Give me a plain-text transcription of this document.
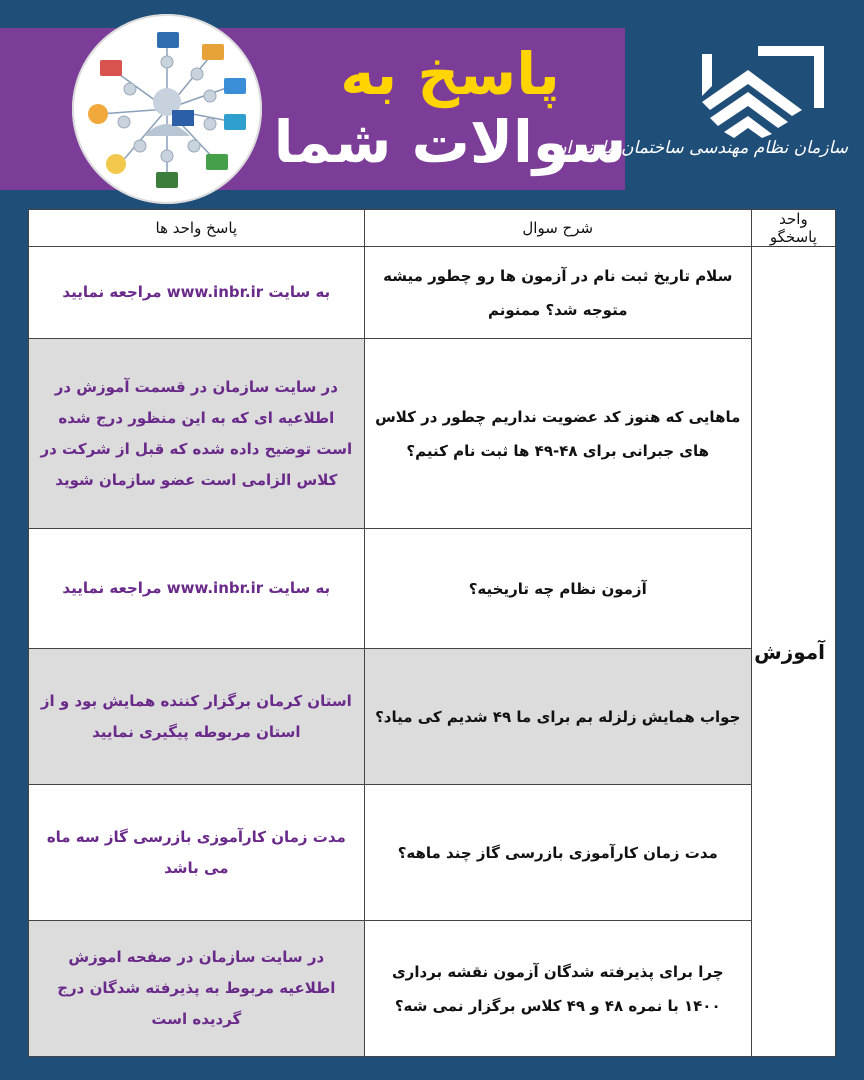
پاسخ به
سوالات شما
سازمان نظام مهندسی ساختمان مازندران
واحد پاسخگو	شرح سوال	پاسخ واحد ها
آموزش	سلام تاریخ ثبت نام در آزمون ها رو چطور میشه متوجه شد؟ ممنونم	به سایت www.inbr.ir مراجعه نمایید
	ماهایی که هنوز کد عضویت نداریم چطور در کلاس های جبرانی برای ۴۸-۴۹ ها ثبت نام کنیم؟	در سایت سازمان در قسمت آموزش در اطلاعیه ای که به این منظور درج شده است توضیح داده شده که قبل از شرکت در کلاس الزامی است عضو سازمان شوید
	آزمون نظام چه تاریخیه؟	به سایت www.inbr.ir مراجعه نمایید
	جواب همایش زلزله بم برای ما ۴۹ شدیم کی میاد؟	استان کرمان برگزار کننده همایش بود و از استان مربوطه پیگیری نمایید
	مدت زمان کارآموزی بازرسی گاز چند ماهه؟	مدت زمان کارآموزی بازرسی گاز سه ماه می باشد
	چرا برای پذیرفته شدگان آزمون نقشه برداری ۱۴۰۰ با نمره ۴۸ و ۴۹ کلاس برگزار نمی شه؟	در سایت سازمان در صفحه اموزش اطلاعیه مربوط به پذیرفته شدگان درج گردیده است
